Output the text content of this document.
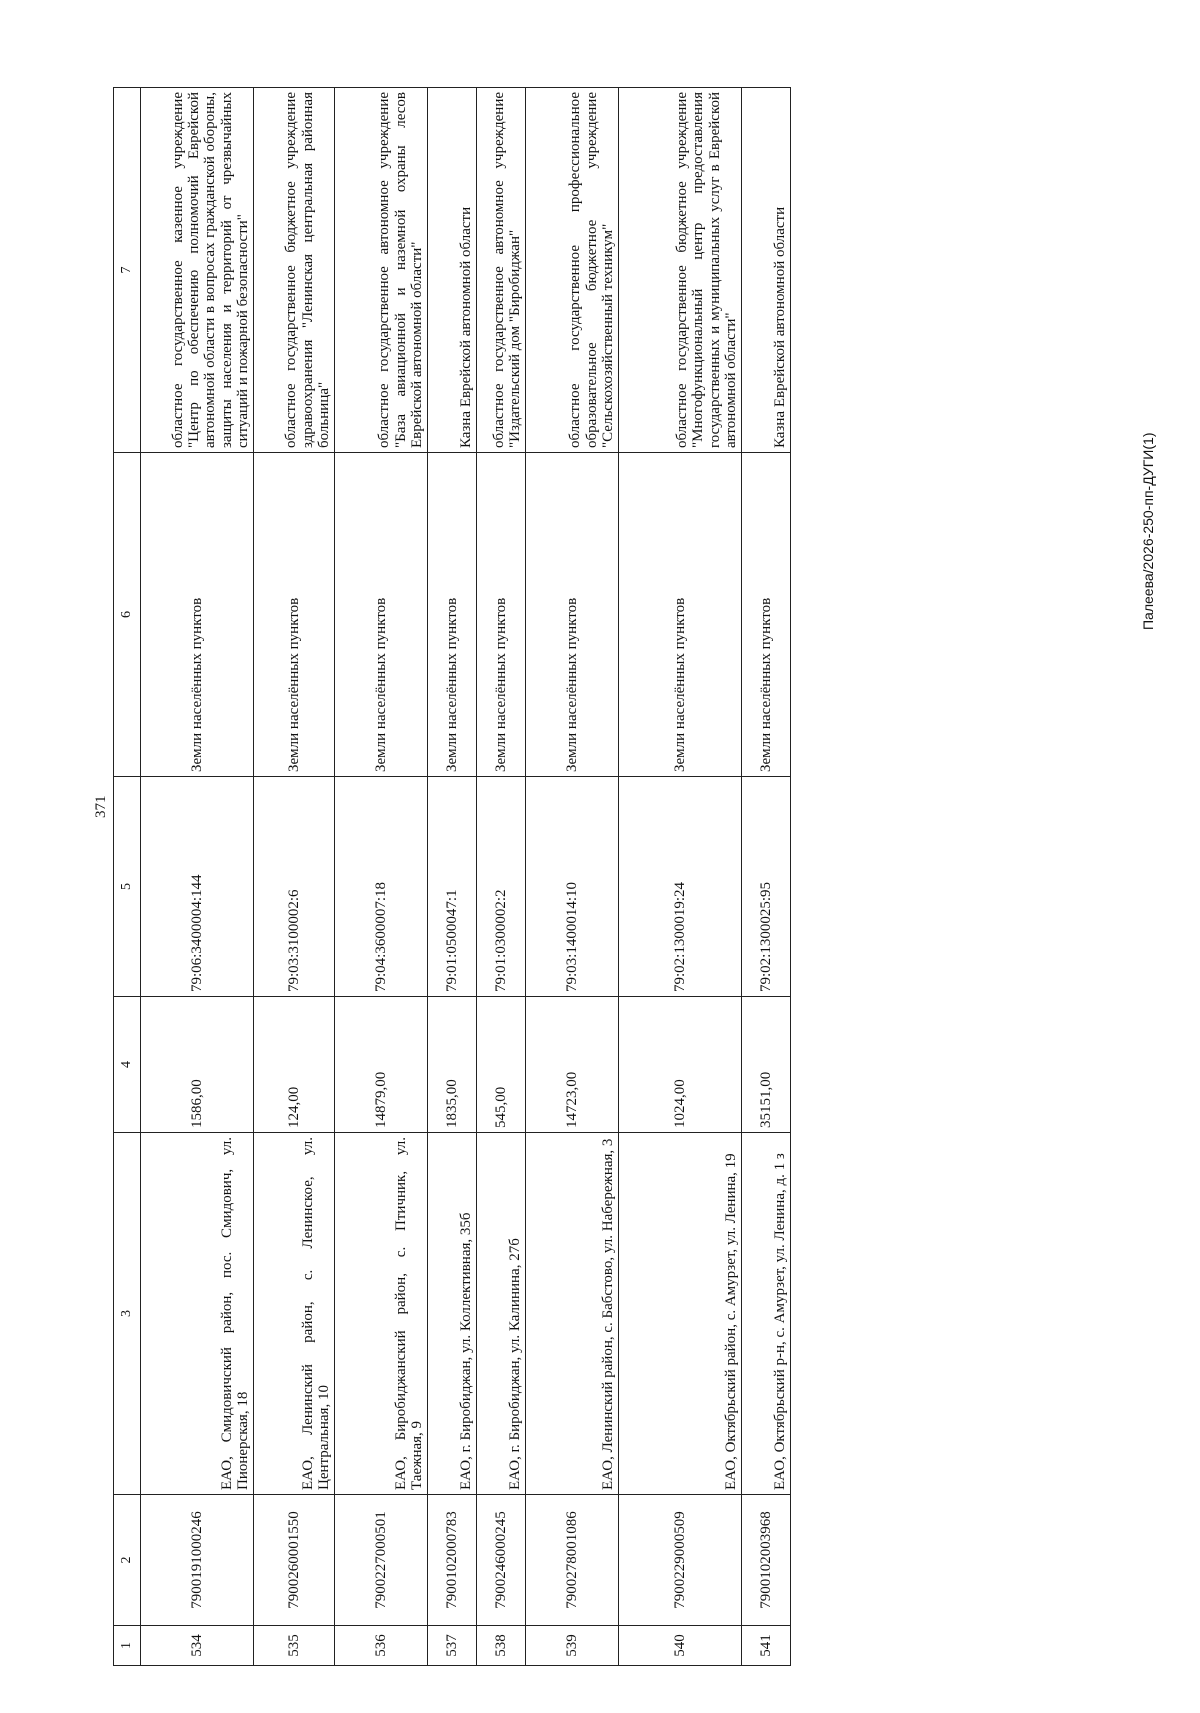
371
1	2	3	4	5	6	7
534	7900191000246	ЕАО, Смидовичский район, пос. Смидович, ул. Пионерская, 18	1586,00	79:06:3400004:144	Земли населённых пунктов	областное государственное казенное учреждение "Центр по обеспечению полномочий Еврейской автономной области в вопросах гражданской обороны, защиты населения и территорий от чрезвычайных ситуаций и пожарной безопасности"
535	7900260001550	ЕАО, Ленинский район, с. Ленинское, ул. Центральная, 10	124,00	79:03:3100002:6	Земли населённых пунктов	областное государственное бюджетное учреждение здравоохранения "Ленинская центральная районная больница"
536	7900227000501	ЕАО, Биробиджанский район, с. Птичник, ул. Таежная, 9	14879,00	79:04:3600007:18	Земли населённых пунктов	областное государственное автономное учреждение "База авиационной и наземной охраны лесов Еврейской автономной области"
537	7900102000783	ЕАО, г. Биробиджан, ул. Коллективная, 35б	1835,00	79:01:0500047:1	Земли населённых пунктов	Казна Еврейской автономной области
538	7900246000245	ЕАО, г. Биробиджан, ул. Калинина, 27б	545,00	79:01:0300002:2	Земли населённых пунктов	областное государственное автономное учреждение "Издательский дом "Биробиджан"
539	7900278001086	ЕАО, Ленинский район, с. Бабстово, ул. Набережная, 3	14723,00	79:03:1400014:10	Земли населённых пунктов	областное государственное профессиональное образовательное бюджетное учреждение "Сельскохозяйственный техникум"
540	7900229000509	ЕАО, Октябрьский район, с. Амурзет, ул. Ленина, 19	1024,00	79:02:1300019:24	Земли населённых пунктов	областное государственное бюджетное учреждение "Многофункциональный центр предоставления государственных и муниципальных услуг в Еврейской автономной области"
541	7900102003968	ЕАО, Октябрьский р-н, с. Амурзет, ул. Ленина, д. 1 з	35151,00	79:02:1300025:95	Земли населённых пунктов	Казна Еврейской автономной области
Палеева/2026-250-пп-ДУГИ(1)
